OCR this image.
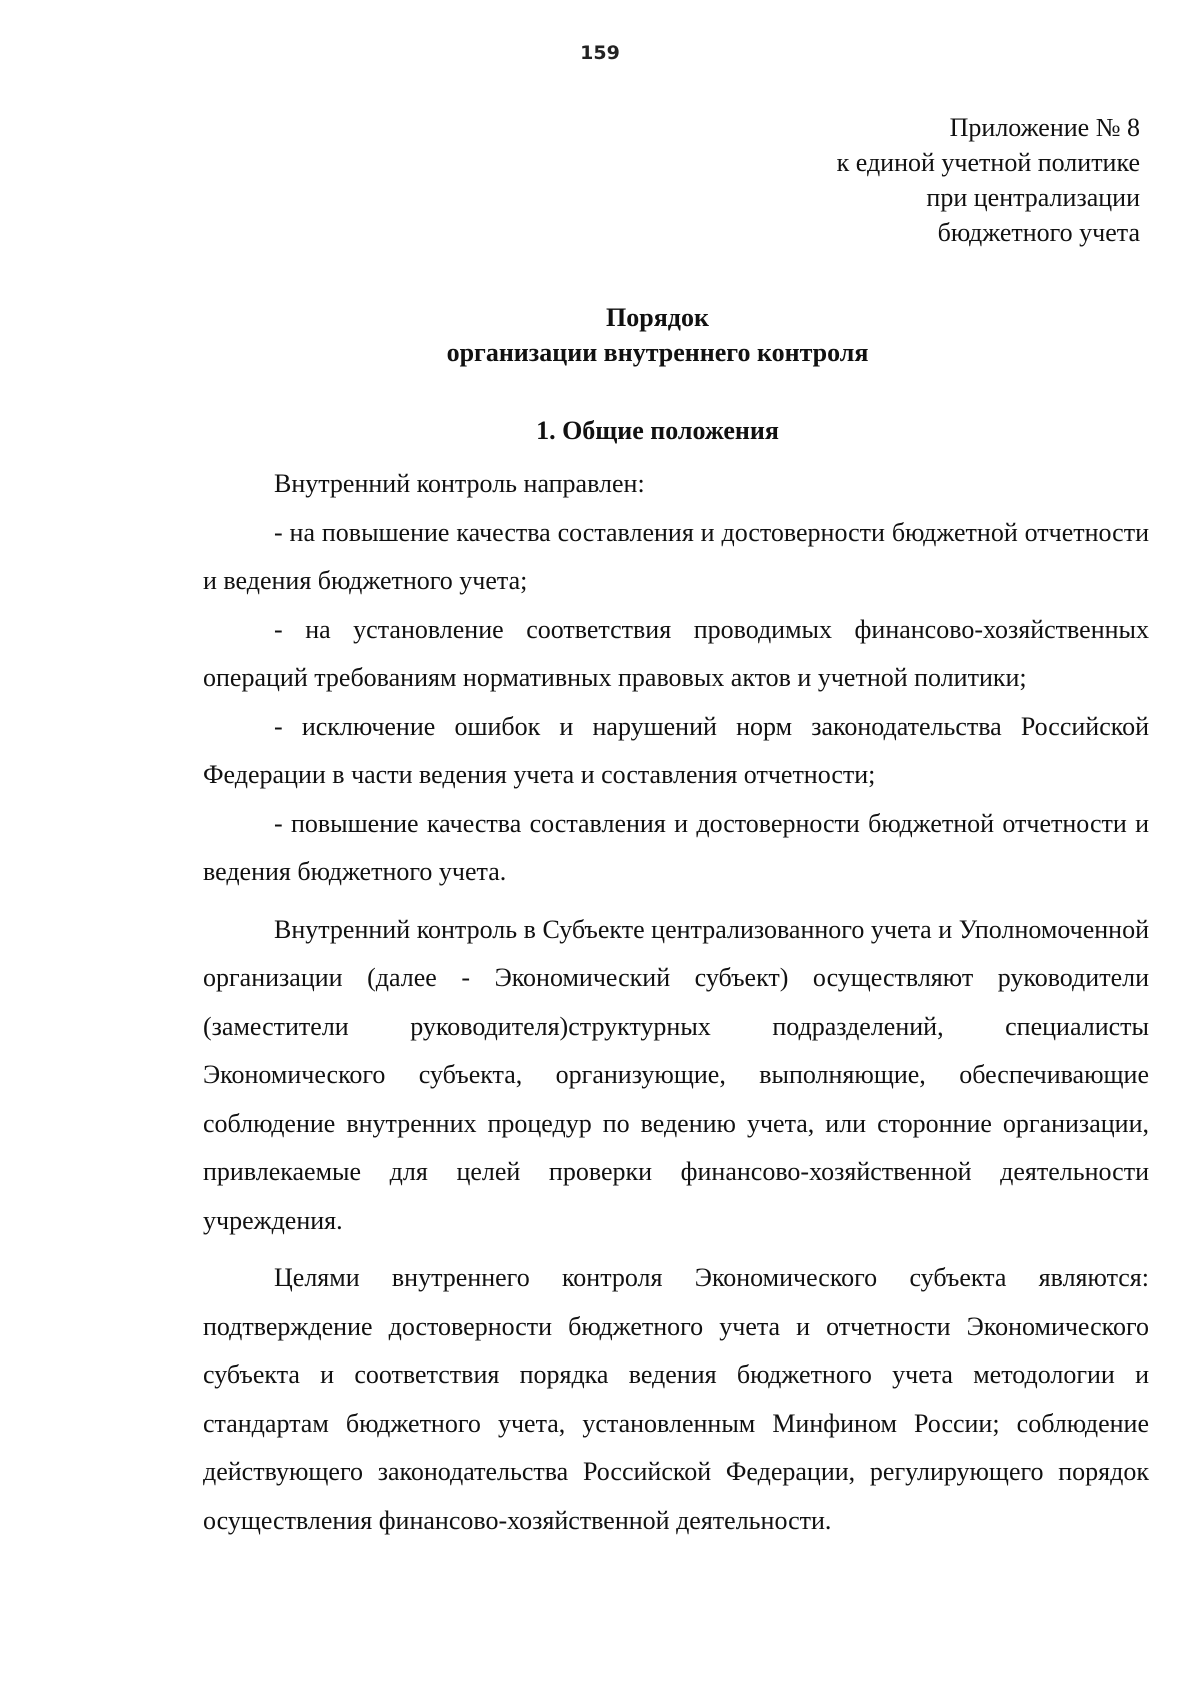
159
Приложение № 8
к единой учетной политике
при централизации
бюджетного учета
Порядок
организации внутреннего контроля
1. Общие положения

Внутренний контроль направлен:

- на повышение качества составления и достоверности бюджетной отчетности и ведения бюджетного учета;

- на установление соответствия проводимых финансово-хозяйственных операций требованиям нормативных правовых актов и учетной политики;

- исключение ошибок и нарушений норм законодательства Российской Федерации в части ведения учета и составления отчетности;

- повышение качества составления и достоверности бюджетной отчетности и ведения бюджетного учета.

Внутренний контроль в Субъекте централизованного учета и Уполномоченной организации (далее - Экономический субъект) осуществляют руководители (заместители руководителя)структурных подразделений, специалисты Экономического субъекта, организующие, выполняющие, обеспечивающие соблюдение внутренних процедур по ведению учета, или сторонние организации, привлекаемые для целей проверки финансово-хозяйственной деятельности учреждения.

Целями внутреннего контроля Экономического субъекта являются: подтверждение достоверности бюджетного учета и отчетности Экономического субъекта и соответствия порядка ведения бюджетного учета методологии и стандартам бюджетного учета, установленным Минфином России; соблюдение действующего законодательства Российской Федерации, регулирующего порядок осуществления финансово-хозяйственной деятельности.
